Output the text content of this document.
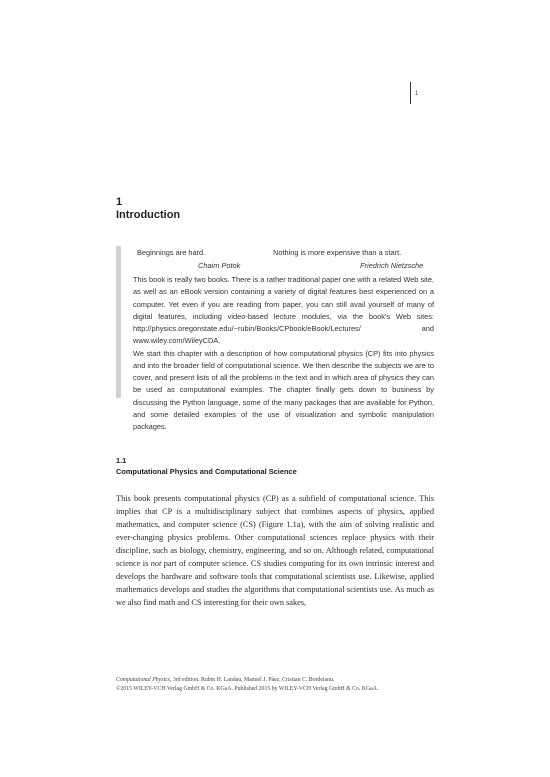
1
1
Introduction
Beginnings are hard.
Chaim Potok
Nothing is more expensive than a start.
Friedrich Nietzsche

This book is really two books. There is a rather traditional paper one with a related Web site, as well as an eBook version containing a variety of digital features best experienced on a computer. Yet even if you are reading from paper, you can still avail yourself of many of digital features, including video-based lecture modules, via the book's Web sites: http://physics.oregonstate.edu/~rubin/Books/CPbook/eBook/Lectures/ and www.wiley.com/WileyCDA.

We start this chapter with a description of how computational physics (CP) fits into physics and into the broader field of computational science. We then describe the subjects we are to cover, and present lists of all the problems in the text and in which area of physics they can be used as computational examples. The chapter finally gets down to business by discussing the Python language, some of the many packages that are available for Python, and some detailed examples of the use of visualization and symbolic manipulation packages.

1.1
Computational Physics and Computational Science

This book presents computational physics (CP) as a subfield of computational science. This implies that CP is a multidisciplinary subject that combines aspects of physics, applied mathematics, and computer science (CS) (Figure 1.1a), with the aim of solving realistic and ever-changing physics problems. Other computational sciences replace physics with their discipline, such as biology, chemistry, engineering, and so on. Although related, computational science is not part of computer science. CS studies computing for its own intrinsic interest and develops the hardware and software tools that computational scientists use. Likewise, applied mathematics develops and studies the algorithms that computational scientists use. As much as we also find math and CS interesting for their own sakes,

Computational Physics, 3rd edition. Rubin H. Landau, Manuel J. Páez, Cristian C. Bordeianu.
©2015 WILEY-VCH Verlag GmbH & Co. KGaA. Published 2015 by WILEY-VCH Verlag GmbH & Co. KGaA.
